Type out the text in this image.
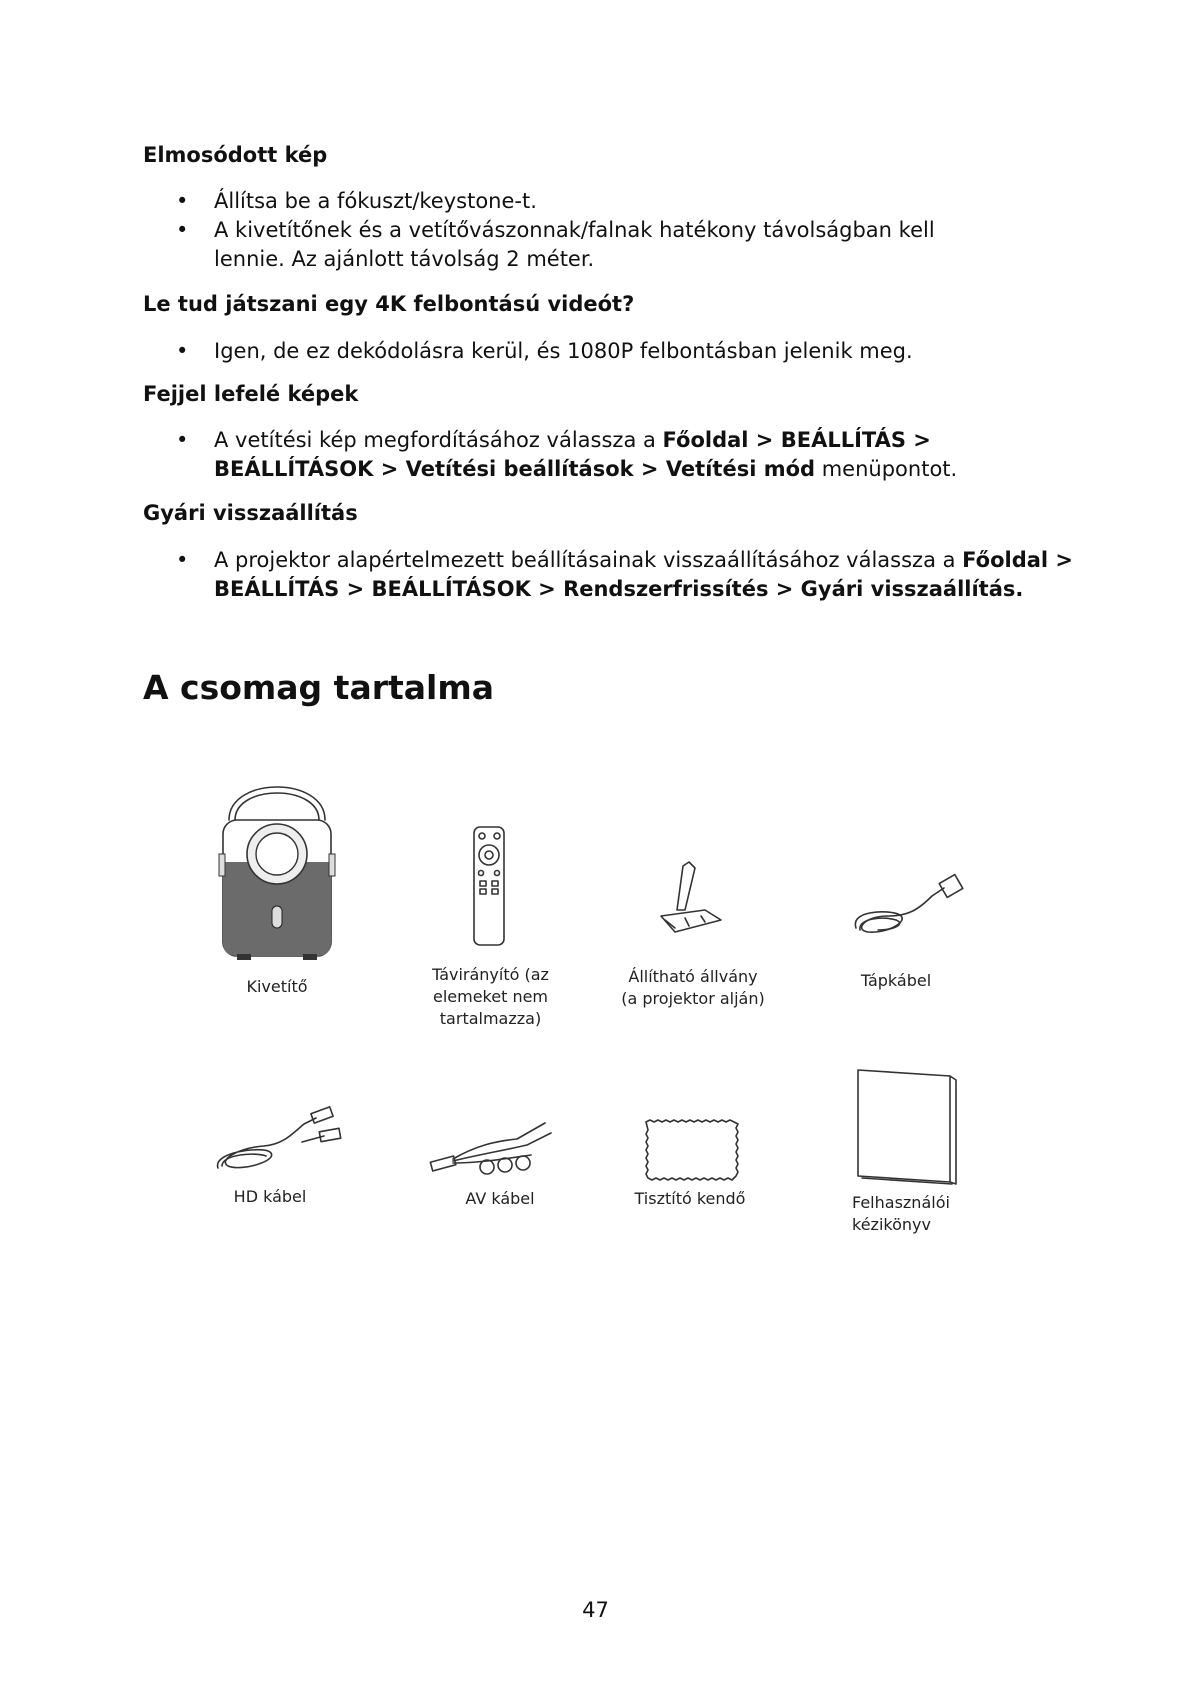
Elmosódott kép

• Állítsa be a fókuszt/keystone-t.
• A kivetítőnek és a vetítővászonnak/falnak hatékony távolságban kell lennie. Az ajánlott távolság 2 méter.

Le tud játszani egy 4K felbontású videót?

• Igen, de ez dekódolásra kerül, és 1080P felbontásban jelenik meg.

Fejjel lefelé képek

• A vetítési kép megfordításához válassza a Főoldal > BEÁLLÍTÁS > BEÁLLÍTÁSOK > Vetítési beállítások > Vetítési mód menüpontot.

Gyári visszaállítás

• A projektor alapértelmezett beállításainak visszaállításához válassza a Főoldal > BEÁLLÍTÁS > BEÁLLÍTÁSOK > Rendszerfrissítés > Gyári visszaállítás.
A csomag tartalma
Kivetítő
Távirányító (az elemeket nem tartalmazza)
Állítható állvány (a projektor alján)
Tápkábel
HD kábel	AV kábel	Tisztító kendő	Felhasználói kézikönyv
47
